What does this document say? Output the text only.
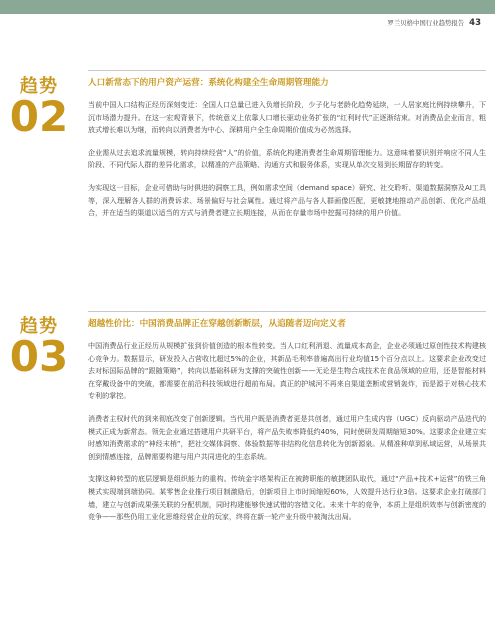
罗兰贝格中国行业趋势报告 43
趋势
02
人口新常态下的用户资产运营：系统化构建全生命周期管理能力

当前中国人口结构正经历深刻变迁：全国人口总量已进入负增长阶段，少子化与老龄化趋势延续，一人居家庭比例持续攀升，下沉市场潜力提升。在这一宏观背景下，传统意义上依靠人口增长驱动业务扩张的“红利时代”正逐渐结束。对消费品企业而言，粗放式增长难以为继，而转向以消费者为中心、深耕用户全生命周期价值成为必然选择。

企业需从过去追求流量规模，转向持续经营“人”的价值，系统化构建消费者生命周期管理能力。这意味着要识别并响应不同人生阶段、不同代际人群的差异化需求，以精准的产品策略、沟通方式和服务体系，实现从单次交易到长期留存的转变。

为实现这一目标，企业可借助与时俱进的洞察工具，例如需求空间（demand space）研究、社交聆听、渠道数据洞察及AI工具等，深入理解各人群的消费诉求、场景偏好与社会属性。通过将产品与各人群画像匹配，更敏捷地推动产品创新、优化产品组合，并在适当的渠道以适当的方式与消费者建立长期连接，从而在存量市场中挖掘可持续的用户价值。

趋势
03
超越性价比：中国消费品牌正在穿越创新断层，从追随者迈向定义者

中国消费品行业正经历从规模扩张到价值创造的根本性转变。当人口红利消退、流量成本高企，企业必须通过原创性技术构建核心竞争力。数据显示，研发投入占营收比超过5%的企业，其新品毛利率普遍高出行业均值15个百分点以上。这要求企业改变过去对标国际品牌的“跟随策略”，转向以基础科研为支撑的突破性创新——无论是生物合成技术在食品领域的应用，还是智能材料在穿戴设备中的突破，都需要在前沿科技领域进行超前布局。真正的护城河不再来自渠道垄断或营销轰炸，而是源于对核心技术专利的掌控。

消费者主权时代的到来彻底改变了创新逻辑。当代用户既是消费者更是共创者，通过用户生成内容（UGC）反向驱动产品迭代的模式正成为新常态。领先企业通过搭建用户共研平台，将产品失败率降低约40%，同时使研发周期缩短30%。这要求企业建立实时感知消费需求的“神经末梢”，把社交媒体洞察、体验数据等非结构化信息转化为创新源泉。从精准种草到私域运营，从场景共创到情感连接，品牌需要构建与用户共同进化的生态系统。

支撑这种转型的底层逻辑是组织能力的重构。传统金字塔架构正在被跨职能的敏捷团队取代，通过“产品+技术+运营”的铁三角模式实现端到端协同。某零售企业推行项目制激励后，创新项目上市时间缩短60%，人效提升达行业3倍。这要求企业打破部门墙，建立与创新成果强关联的分配机制，同时构建能够快速试错的容错文化。未来十年的竞争，本质上是组织效率与创新密度的竞争——那些仍用工业化思维经营企业的玩家，终将在新一轮产业升级中被淘汰出局。
